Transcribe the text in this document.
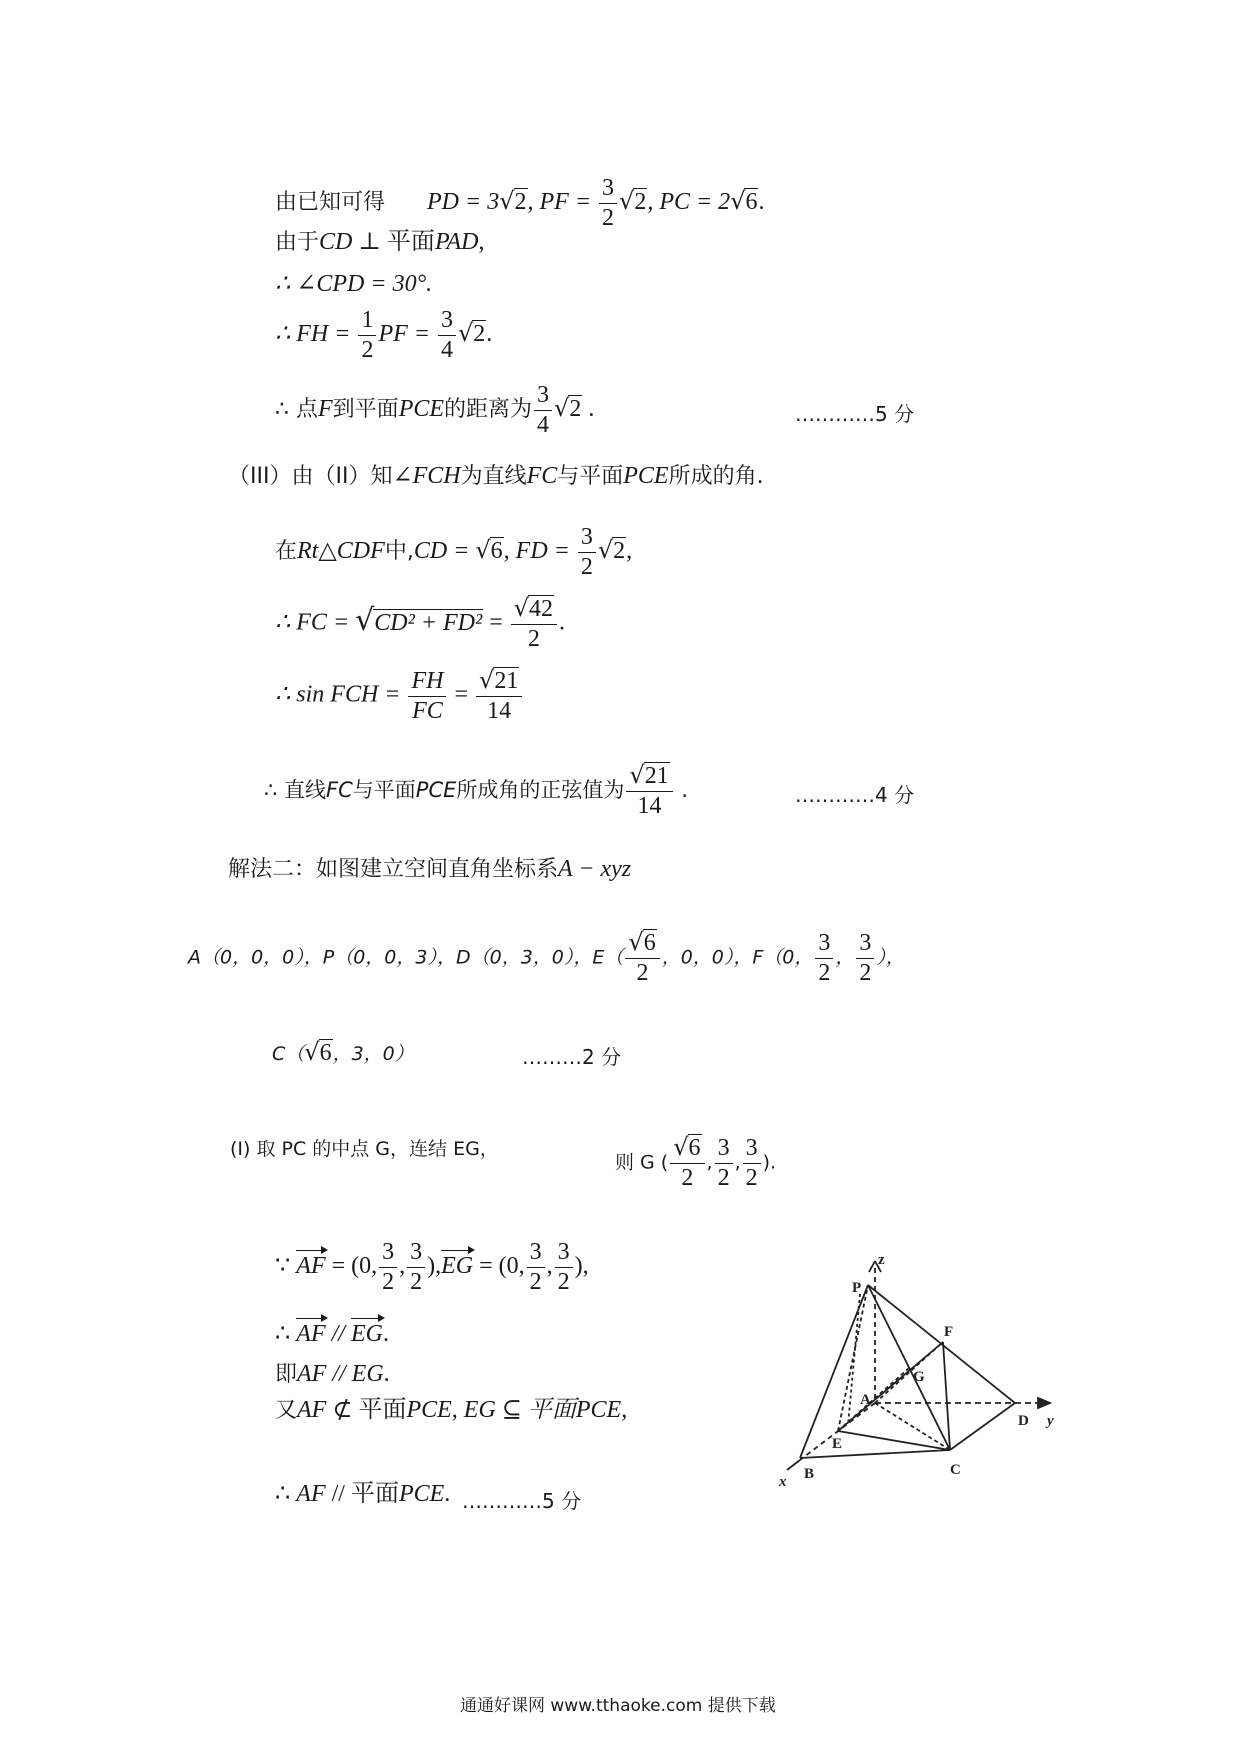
由已知可得 PD = 3√2, PF = $\frac{3}{2} √2$, PC = 2√6.
由于CD ⊥ 平面PAD,
∴ ∠CPD = 30°.
∴ FH = $\frac{1}{2}$ PF = $\frac{3}{4} √2$.
∴ 点F到平面PCE的距离为 $\frac{3}{4} √2$ .	…………5 分
（III）由（II）知∠FCH为直线FC与平面PCE所成的角.
在Rt△CDF中,CD = √6, FD = $\frac{3}{2} √2$,
∴ FC = $√CD^2 + FD^2 = \frac{√42}{2}$ .
∴ sin FCH = $\frac{FH}{FC} = \frac{√21}{14}$
∴ 直线FC与平面PCE所成角的正弦值为 $\frac{√21}{14}$ .	…………4 分
解法二：如图建立空间直角坐标系A − xyz
A（0，0，0），P（0，0，3），D（0，3，0），$E( \frac{√6}{2}$ ，0，0），F（0， $\frac{3}{2}$ ， $\frac{3}{2}$ ），
C（√6，3，0）	………2 分
(I) 取 PC 的中点 G，连结 EG，
则 G ( $\frac{√6}{2}$ , $\frac{3}{2}$ , $\frac{3}{2}$ ).
∵ AF = (0, $\frac{3}{2}$ , $\frac{3}{2} ),EG = (0$, $\frac{3}{2}$ , $\frac{3}{2}$ ),
∴ AF // EG.
即AF // EG.
又AF ⊄ 平面PCE, EG ⊆ 平面PCE,
∴ AF // 平面PCE. …………5 分
z
P
F
G
A
D y
E
B	C
x
通通好课网 www.tthaoke.com 提供下载
